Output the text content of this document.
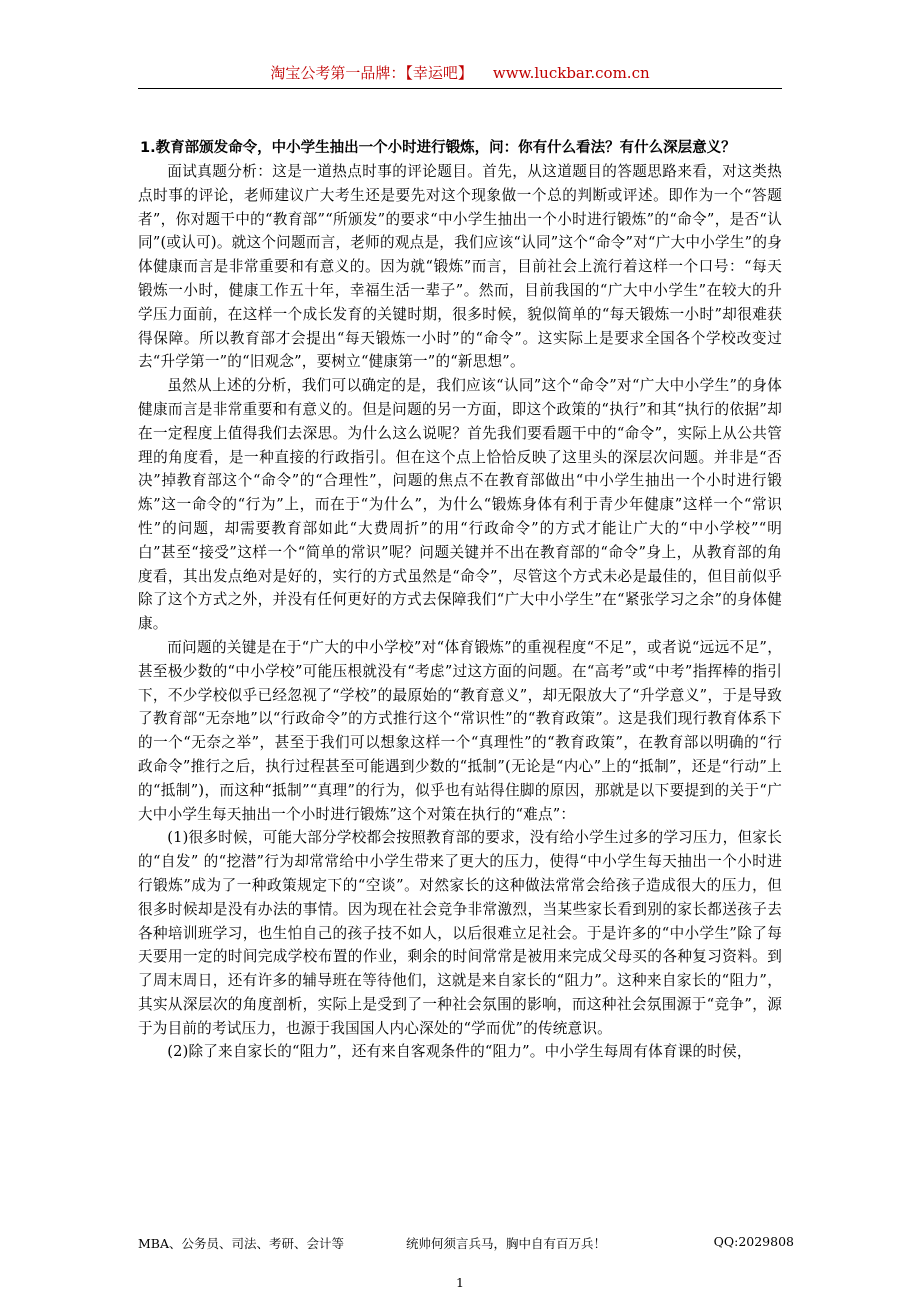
淘宝公考第一品牌：【幸运吧】 www.luckbar.com.cn

1.教育部颁发命令，中小学生抽出一个小时进行锻炼，问：你有什么看法？有什么深层意义？

面试真题分析：这是一道热点时事的评论题目。首先，从这道题目的答题思路来看，对这类热点时事的评论，老师建议广大考生还是要先对这个现象做一个总的判断或评述。即作为一个“答题者”，你对题干中的“教育部”“所颁发”的要求“中小学生抽出一个小时进行锻炼”的“命令”，是否“认同”(或认可)。就这个问题而言，老师的观点是，我们应该“认同”这个“命令”对“广大中小学生”的身体健康而言是非常重要和有意义的。因为就“锻炼”而言，目前社会上流行着这样一个口号：“每天锻炼一小时，健康工作五十年，幸福生活一辈子”。然而，目前我国的“广大中小学生”在较大的升学压力面前，在这样一个成长发育的关键时期，很多时候，貌似简单的“每天锻炼一小时”却很难获得保障。所以教育部才会提出“每天锻炼一小时”的“命令”。这实际上是要求全国各个学校改变过去“升学第一”的“旧观念”，要树立“健康第一”的“新思想”。

虽然从上述的分析，我们可以确定的是，我们应该“认同”这个“命令”对“广大中小学生”的身体健康而言是非常重要和有意义的。但是问题的另一方面，即这个政策的“执行”和其“执行的依据”却在一定程度上值得我们去深思。为什么这么说呢？首先我们要看题干中的“命令”，实际上从公共管理的角度看，是一种直接的行政指引。但在这个点上恰恰反映了这里头的深层次问题。并非是“否决”掉教育部这个“命令”的“合理性”，问题的焦点不在教育部做出“中小学生抽出一个小时进行锻炼”这一命令的“行为”上，而在于“为什么”，为什么“锻炼身体有利于青少年健康”这样一个“常识性”的问题，却需要教育部如此“大费周折”的用“行政命令”的方式才能让广大的“中小学校”“明白”甚至“接受”这样一个“简单的常识”呢？问题关键并不出在教育部的“命令”身上，从教育部的角度看，其出发点绝对是好的，实行的方式虽然是“命令”，尽管这个方式未必是最佳的，但目前似乎除了这个方式之外，并没有任何更好的方式去保障我们“广大中小学生”在“紧张学习之余”的身体健康。

而问题的关键是在于“广大的中小学校”对“体育锻炼”的重视程度“不足”，或者说“远远不足”，甚至极少数的“中小学校”可能压根就没有“考虑”过这方面的问题。在“高考”或“中考”指挥棒的指引下，不少学校似乎已经忽视了“学校”的最原始的“教育意义”，却无限放大了“升学意义”，于是导致了教育部“无奈地”以“行政命令”的方式推行这个“常识性”的“教育政策”。这是我们现行教育体系下的一个“无奈之举”，甚至于我们可以想象这样一个“真理性”的“教育政策”，在教育部以明确的“行政命令”推行之后，执行过程甚至可能遇到少数的“抵制”(无论是“内心”上的“抵制”，还是“行动”上的“抵制”)，而这种“抵制”“真理”的行为，似乎也有站得住脚的原因，那就是以下要提到的关于“广大中小学生每天抽出一个小时进行锻炼”这个对策在执行的“难点”：

(1)很多时候，可能大部分学校都会按照教育部的要求，没有给小学生过多的学习压力，但家长的“自发” 的“挖潜”行为却常常给中小学生带来了更大的压力，使得“中小学生每天抽出一个小时进行锻炼”成为了一种政策规定下的“空谈”。对然家长的这种做法常常会给孩子造成很大的压力，但很多时候却是没有办法的事情。因为现在社会竞争非常激烈，当某些家长看到别的家长都送孩子去各种培训班学习，也生怕自己的孩子技不如人，以后很难立足社会。于是许多的“中小学生”除了每天要用一定的时间完成学校布置的作业，剩余的时间常常是被用来完成父母买的各种复习资料。到了周末周日，还有许多的辅导班在等待他们，这就是来自家长的“阻力”。这种来自家长的“阻力”，其实从深层次的角度剖析，实际上是受到了一种社会氛围的影响，而这种社会氛围源于“竞争”，源于为目前的考试压力，也源于我国国人内心深处的“学而优”的传统意识。

(2)除了来自家长的“阻力”，还有来自客观条件的“阻力”。中小学生每周有体育课的时侯，

MBA、公务员、司法、考研、会计等	统帅何须言兵马，胸中自有百万兵！	QQ:2029808
1
